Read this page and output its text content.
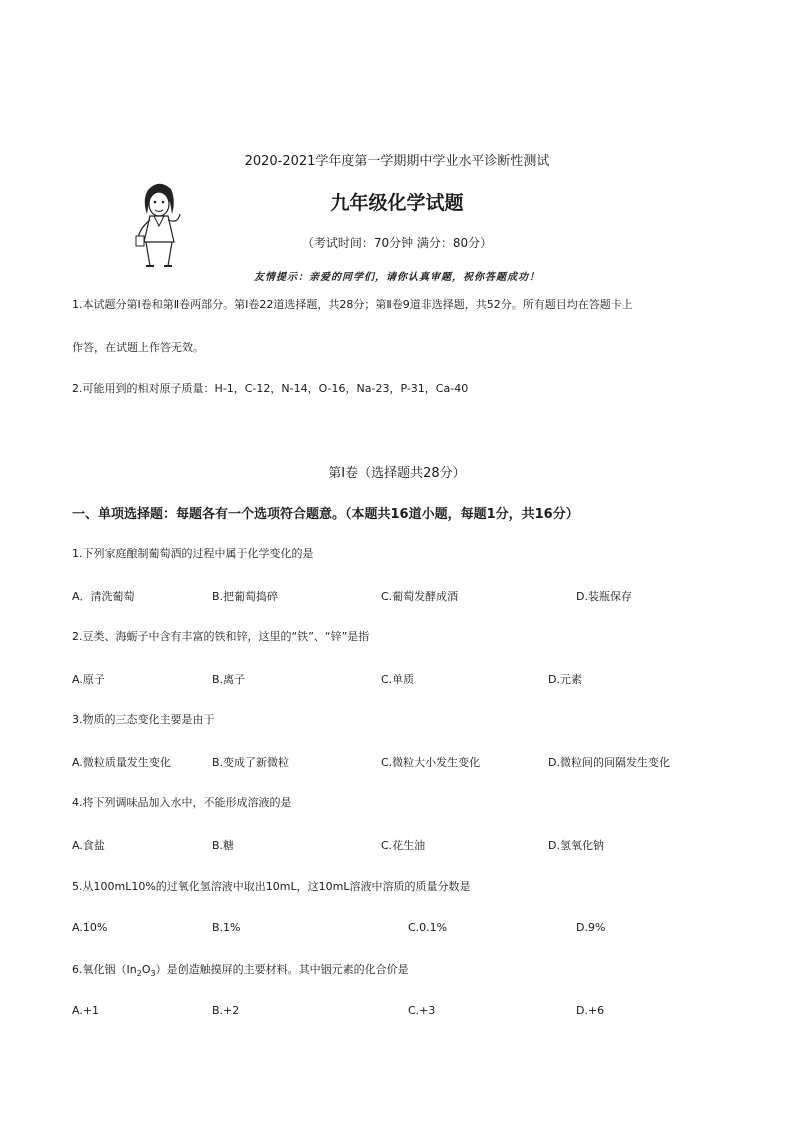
2020-2021学年度第一学期期中学业水平诊断性测试
九年级化学试题
（考试时间：70分钟 满分：80分）
友情提示：亲爱的同学们，请你认真审题，祝你答题成功！
1.本试题分第Ⅰ卷和第Ⅱ卷两部分。第Ⅰ卷22道选择题，共28分；第Ⅱ卷9道非选择题，共52分。所有题目均在答题卡上
作答，在试题上作答无效。
2.可能用到的相对原子质量：H-1，C-12，N-14，O-16，Na-23，P-31，Ca-40
第Ⅰ卷（选择题共28分）
一、单项选择题：每题各有一个选项符合题意。（本题共16道小题，每题1分，共16分）
1.下列家庭酿制葡萄酒的过程中属于化学变化的是
A．清洗葡萄	B.把葡萄捣碎	C.葡萄发酵成酒	D.装瓶保存
2.豆类、海蛎子中含有丰富的铁和锌，这里的“铁”、“锌”是指
A.原子	B.离子	C.单质	D.元素
3.物质的三态变化主要是由于
A.微粒质量发生变化	B.变成了新微粒	C.微粒大小发生变化	D.微粒间的间隔发生变化
4.将下列调味品加入水中，不能形成溶液的是
A.食盐	B.糖	C.花生油	D.氢氧化钠
5.从100mL10%的过氧化氢溶液中取出10mL，这10mL溶液中溶质的质量分数是
A.10%	B.1%	C.0.1%	D.9%
6.氧化铟$(In_2O_3)$是创造触摸屏的主要材料。其中铟元素的化合价是
A.+1	B.+2	C.+3	D.+6
